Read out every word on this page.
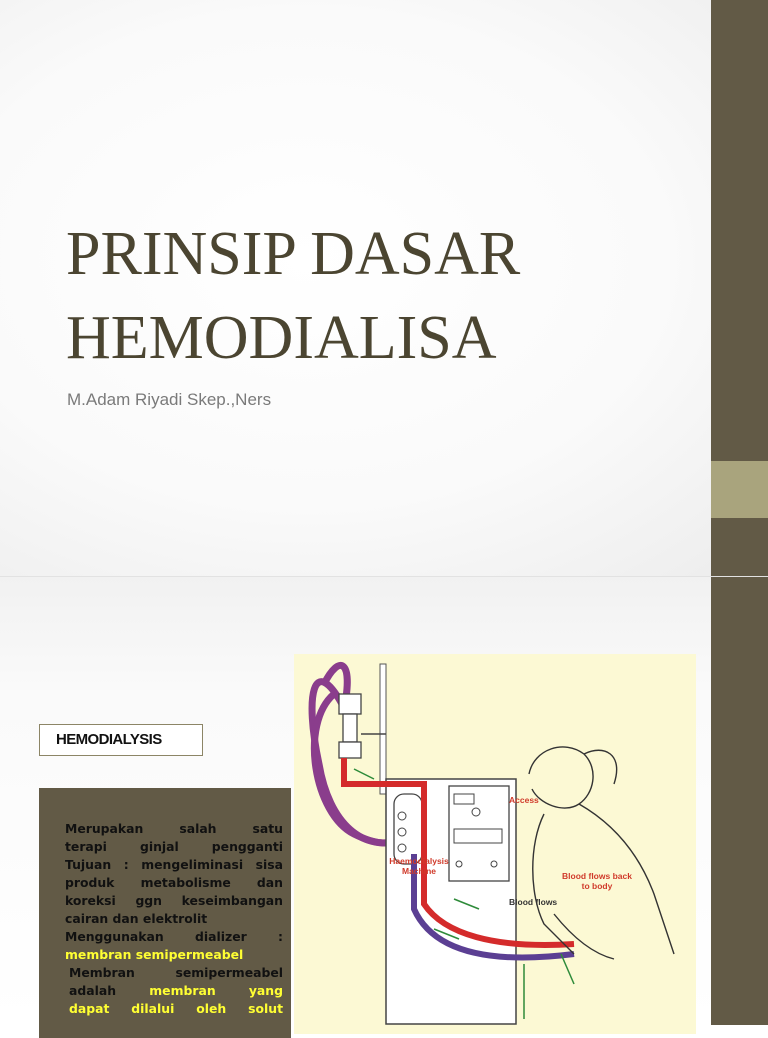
PRINSIP DASAR
HEMODIALISA
M.Adam Riyadi Skep.,Ners
HEMODIALYSIS

Merupakan salah satu

terapi ginjal pengganti

Tujuan : mengeliminasi sisa

produk metabolisme dan

koreksi ggn keseimbangan

cairan dan elektrolit

Menggunakan dializer :

membran semipermeabel

Membran semipermeabel

adalah	membran yang

dapat dilalui oleh solut

Access
Haemodialysis Machine	Blood flows back to body
Blood flows
